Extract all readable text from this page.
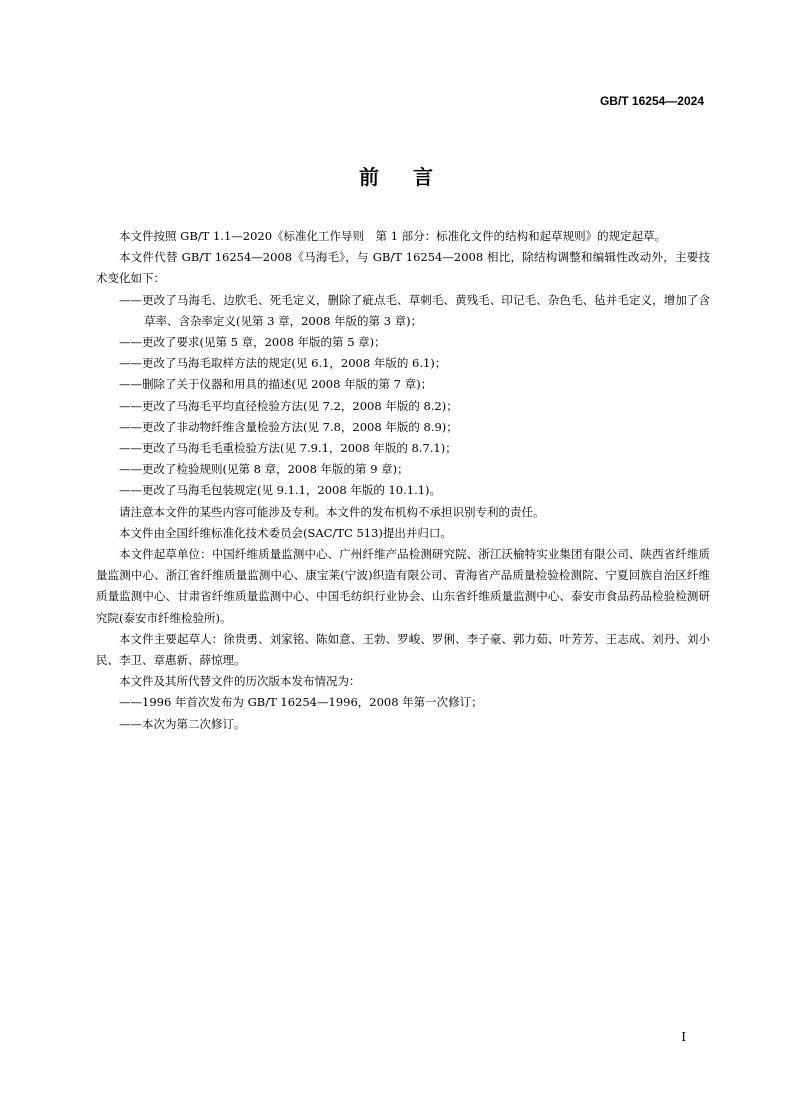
GB/T 16254—2024
前言

本文件按照 GB/T 1.1—2020《标准化工作导则　第 1 部分：标准化文件的结构和起草规则》的规定起草。

本文件代替 GB/T 16254—2008《马海毛》，与 GB/T 16254—2008 相比，除结构调整和编辑性改动外，主要技术变化如下：

——更改了马海毛、边肷毛、死毛定义，删除了疵点毛、草刺毛、黄残毛、印记毛、杂色毛、毡并毛定义，增加了含草率、含杂率定义(见第 3 章，2008 年版的第 3 章)；

——更改了要求(见第 5 章，2008 年版的第 5 章)；

——更改了马海毛取样方法的规定(见 6.1，2008 年版的 6.1)；

——删除了关于仪器和用具的描述(见 2008 年版的第 7 章)；

——更改了马海毛平均直径检验方法(见 7.2，2008 年版的 8.2)；

——更改了非动物纤维含量检验方法(见 7.8，2008 年版的 8.9)；

——更改了马海毛毛重检验方法(见 7.9.1，2008 年版的 8.7.1)；

——更改了检验规则(见第 8 章，2008 年版的第 9 章)；

——更改了马海毛包装规定(见 9.1.1，2008 年版的 10.1.1)。

请注意本文件的某些内容可能涉及专利。本文件的发布机构不承担识别专利的责任。

本文件由全国纤维标准化技术委员会(SAC/TC 513)提出并归口。

本文件起草单位：中国纤维质量监测中心、广州纤维产品检测研究院、浙江沃榆特实业集团有限公司、陕西省纤维质量监测中心、浙江省纤维质量监测中心、康宝莱(宁波)织造有限公司、青海省产品质量检验检测院、宁夏回族自治区纤维质量监测中心、甘肃省纤维质量监测中心、中国毛纺织行业协会、山东省纤维质量监测中心、泰安市食品药品检验检测研究院(泰安市纤维检验所)。

本文件主要起草人：徐贵勇、刘家铭、陈如意、王勃、罗峻、罗俐、李子豪、郭力茹、叶芳芳、王志成、刘丹、刘小民、李卫、章惠新、薛惊理。

本文件及其所代替文件的历次版本发布情况为：

——1996 年首次发布为 GB/T 16254—1996，2008 年第一次修订；

——本次为第二次修订。

I
